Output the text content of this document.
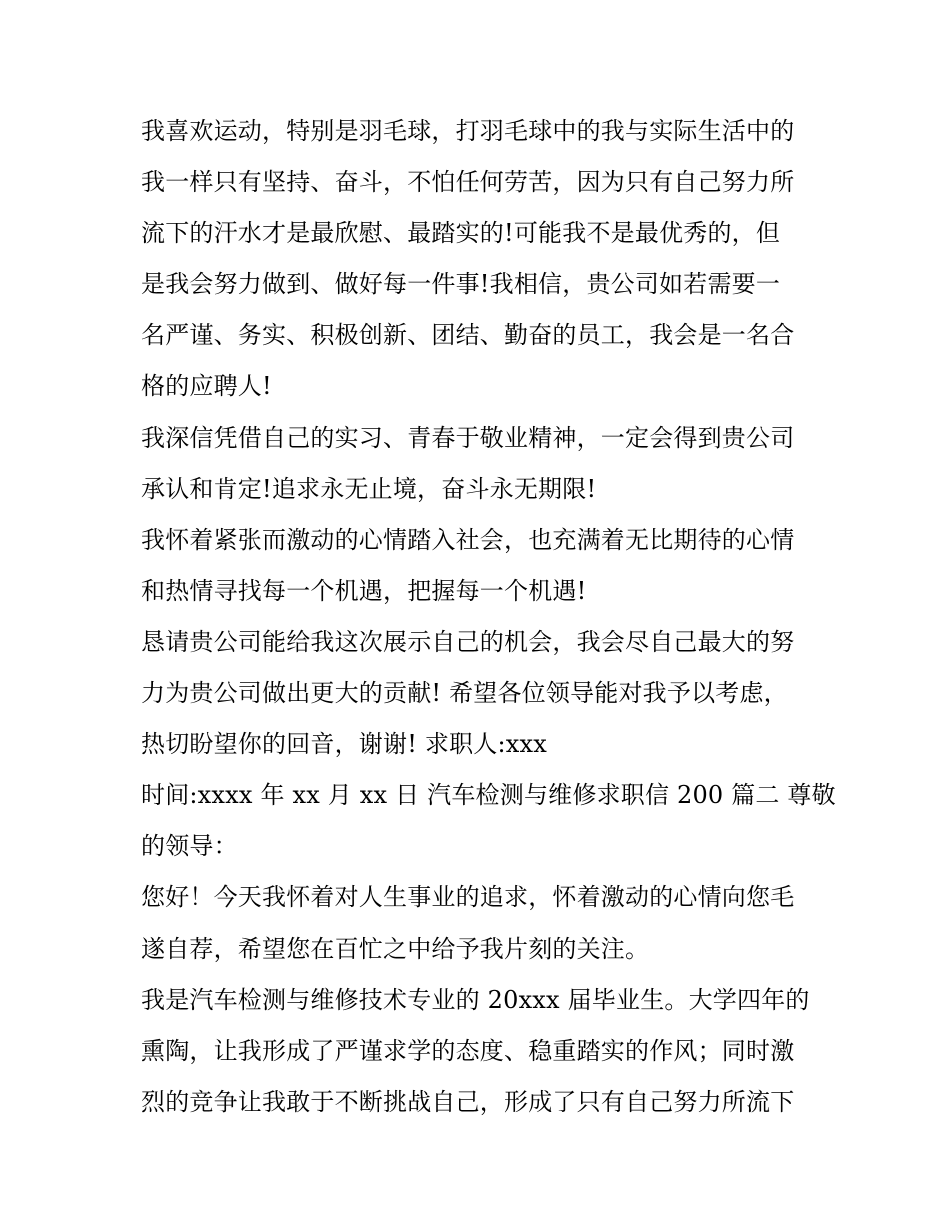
我喜欢运动，特别是羽毛球，打羽毛球中的我与实际生活中的
我一样只有坚持、奋斗，不怕任何劳苦，因为只有自己努力所
流下的汗水才是最欣慰、最踏实的!可能我不是最优秀的，但
是我会努力做到、做好每一件事!我相信，贵公司如若需要一
名严谨、务实、积极创新、团结、勤奋的员工，我会是一名合
格的应聘人!
我深信凭借自己的实习、青春于敬业精神，一定会得到贵公司
承认和肯定!追求永无止境，奋斗永无期限!
我怀着紧张而激动的心情踏入社会，也充满着无比期待的心情
和热情寻找每一个机遇，把握每一个机遇!
恳请贵公司能给我这次展示自己的机会，我会尽自己最大的努
力为贵公司做出更大的贡献! 希望各位领导能对我予以考虑，
热切盼望你的回音，谢谢! 求职人:xxx
时间:xxxx 年 xx 月 xx 日 汽车检测与维修求职信 200 篇二 尊敬
的领导：
您好！今天我怀着对人生事业的追求，怀着激动的心情向您毛
遂自荐，希望您在百忙之中给予我片刻的关注。
我是汽车检测与维修技术专业的 20xxx 届毕业生。大学四年的
熏陶，让我形成了严谨求学的态度、稳重踏实的作风；同时激
烈的竞争让我敢于不断挑战自己，形成了只有自己努力所流下
